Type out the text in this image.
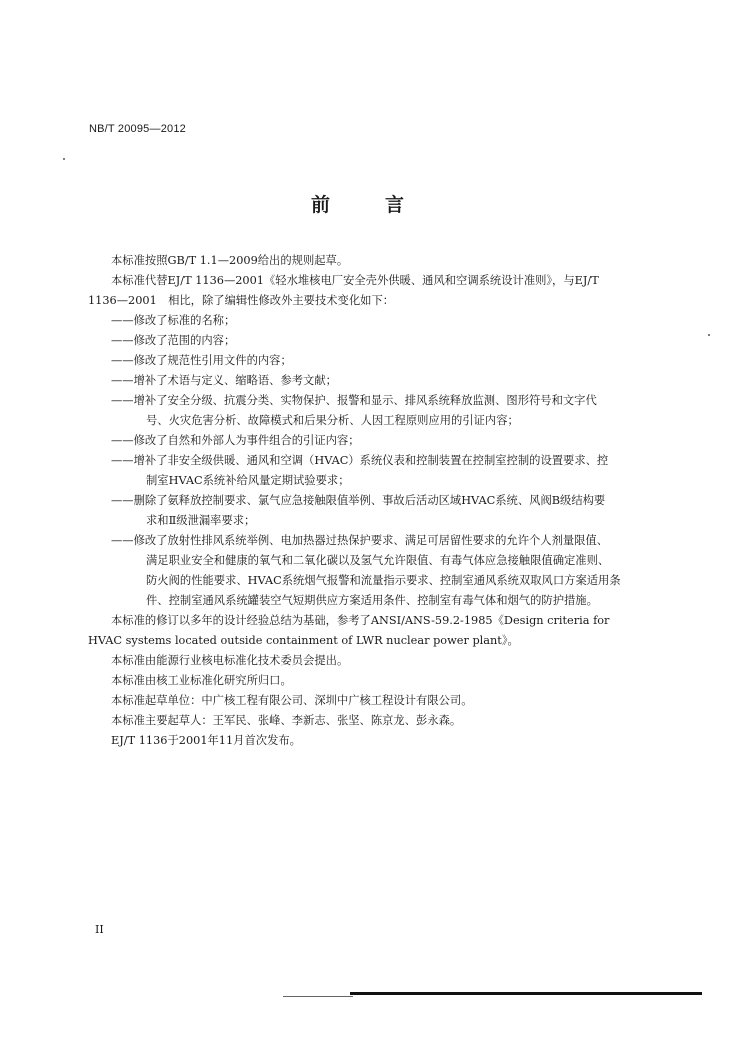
NB/T 20095—2012
前　言

本标准按照GB/T 1.1—2009给出的规则起草。

本标准代替EJ/T 1136—2001《轻水堆核电厂安全壳外供暖、通风和空调系统设计准则》，与EJ/T

1136—2001　相比，除了编辑性修改外主要技术变化如下：

——修改了标准的名称；
——修改了范围的内容；
——修改了规范性引用文件的内容；
——增补了术语与定义、缩略语、参考文献；
——增补了安全分级、抗震分类、实物保护、报警和显示、排风系统释放监测、图形符号和文字代
号、火灾危害分析、故障模式和后果分析、人因工程原则应用的引证内容；
——修改了自然和外部人为事件组合的引证内容；
——增补了非安全级供暖、通风和空调（HVAC）系统仪表和控制装置在控制室控制的设置要求、控
制室HVAC系统补给风量定期试验要求；
——删除了氨释放控制要求、氯气应急接触限值举例、事故后活动区域HVAC系统、风阀B级结构要
求和Ⅱ级泄漏率要求；
——修改了放射性排风系统举例、电加热器过热保护要求、满足可居留性要求的允许个人剂量限值、
满足职业安全和健康的氧气和二氧化碳以及氢气允许限值、有毒气体应急接触限值确定准则、
防火阀的性能要求、HVAC系统烟气报警和流量指示要求、控制室通风系统双取风口方案适用条
件、控制室通风系统罐装空气短期供应方案适用条件、控制室有毒气体和烟气的防护措施。

本标准的修订以多年的设计经验总结为基础，参考了ANSI/ANS-59.2-1985《Design criteria for

HVAC systems located outside containment of LWR nuclear power plant》。

本标准由能源行业核电标准化技术委员会提出。

本标准由核工业标准化研究所归口。

本标准起草单位：中广核工程有限公司、深圳中广核工程设计有限公司。

本标准主要起草人：王军民、张峰、李新志、张坚、陈京龙、彭永森。

EJ/T 1136于2001年11月首次发布。

II
